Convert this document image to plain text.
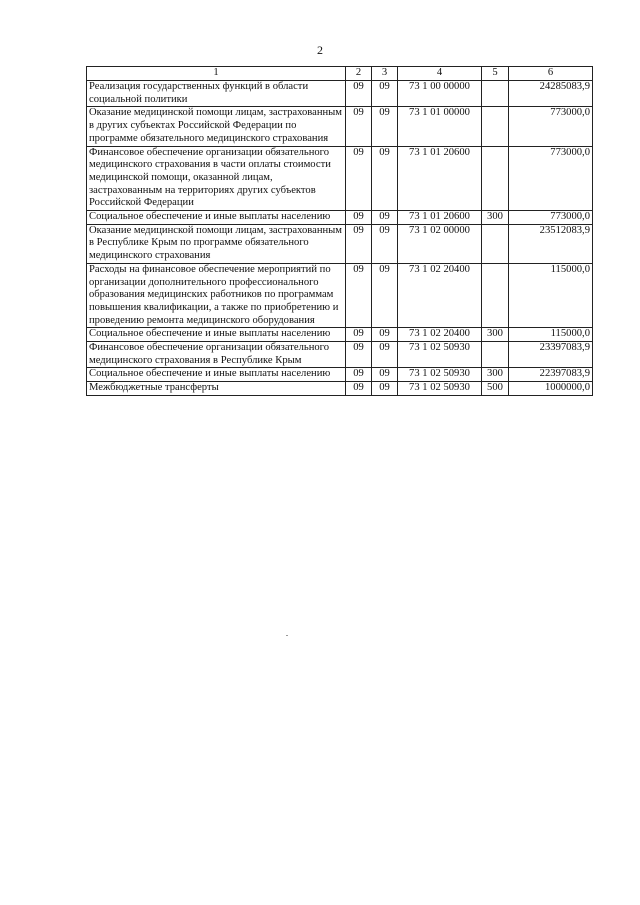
2
1	2	3	4	5	6
Реализация государственных функций в области социальной политики	09	09	73 1 00 00000		24285083,9
Оказание медицинской помощи лицам, застрахованным в других субъектах Российской Федерации по программе обязательного медицинского страхования	09	09	73 1 01 00000		773000,0
Финансовое обеспечение организации обязательного медицинского страхования в части оплаты стоимости медицинской помощи, оказанной лицам, застрахованным на территориях других субъектов Российской Федерации	09	09	73 1 01 20600		773000,0
Социальное обеспечение и иные выплаты населению	09	09	73 1 01 20600	300	773000,0
Оказание медицинской помощи лицам, застрахованным в Республике Крым по программе обязательного медицинского страхования	09	09	73 1 02 00000		23512083,9
Расходы на финансовое обеспечение мероприятий по организации дополнительного профессионального образования медицинских работников по программам повышения квалификации, а также по приобретению и проведению ремонта медицинского оборудования	09	09	73 1 02 20400		115000,0
Социальное обеспечение и иные выплаты населению	09	09	73 1 02 20400	300	115000,0
Финансовое обеспечение организации обязательного медицинского страхования в Республике Крым	09	09	73 1 02 50930		23397083,9
Социальное обеспечение и иные выплаты населению	09	09	73 1 02 50930	300	22397083,9
Межбюджетные трансферты	09	09	73 1 02 50930	500	1000000,0
